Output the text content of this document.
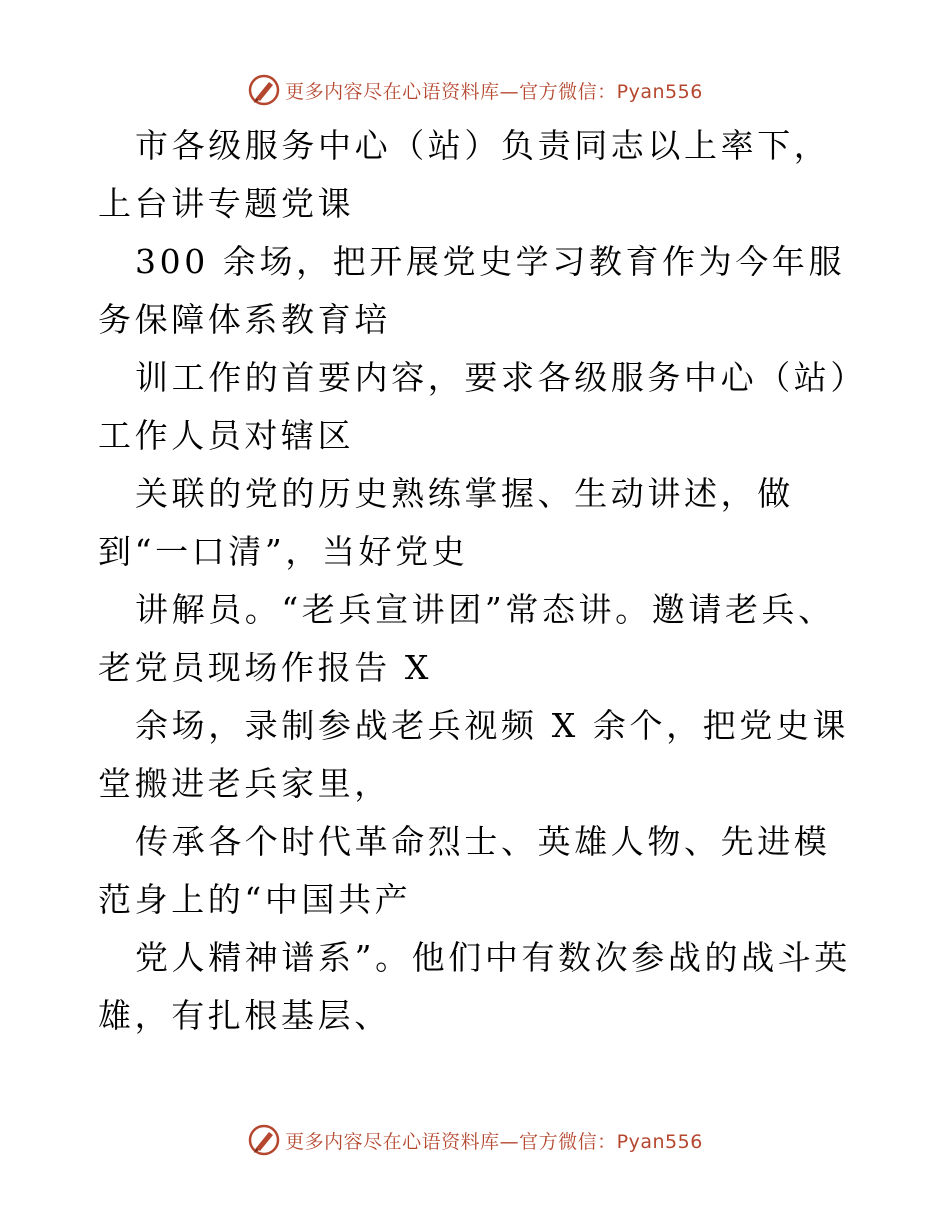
更多内容尽在心语资料库—官方微信：Pyan556

市各级服务中心（站）负责同志以上率下，上台讲专题党课

300 余场，把开展党史学习教育作为今年服务保障体系教育培

训工作的首要内容，要求各级服务中心（站）工作人员对辖区

关联的党的历史熟练掌握、生动讲述，做到“一口清”，当好党史

讲解员。“老兵宣讲团”常态讲。邀请老兵、老党员现场作报告 X

余场，录制参战老兵视频 X 余个，把党史课堂搬进老兵家里，

传承各个时代革命烈士、英雄人物、先进模范身上的“中国共产

党人精神谱系”。他们中有数次参战的战斗英雄，有扎根基层、

更多内容尽在心语资料库—官方微信：Pyan556
